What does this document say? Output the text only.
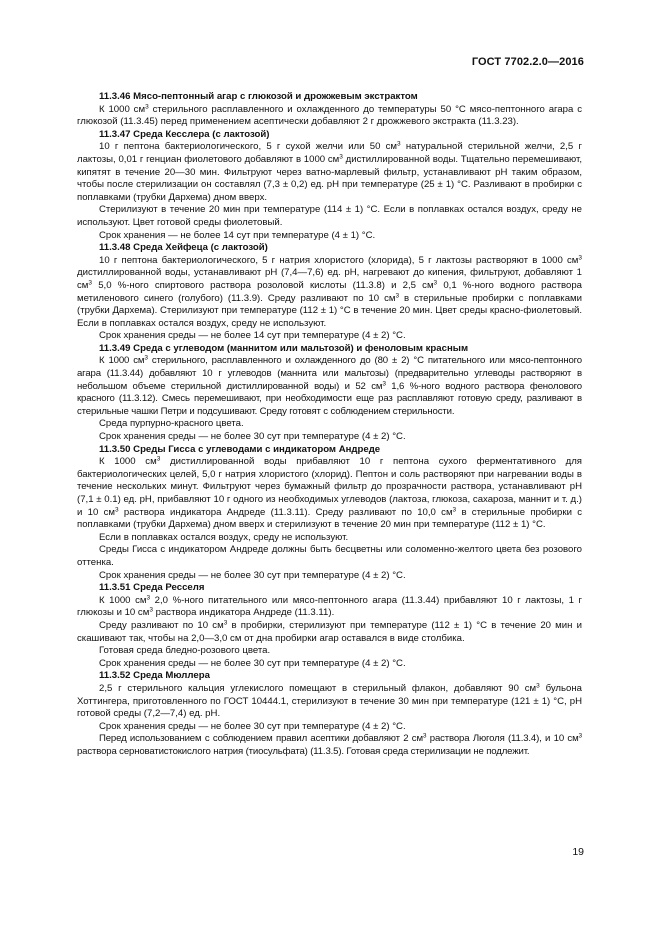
ГОСТ 7702.2.0—2016

11.3.46 Мясо-пептонный агар с глюкозой и дрожжевым экстрактом

К 1000 $см^3$ стерильного расплавленного и охлажденного до температуры 50 °С мясо-пептонного агара с глюкозой (11.3.45) перед применением асептически добавляют 2 г дрожжевого экстракта (11.3.23).

11.3.47 Среда Кесслера (с лактозой)

10 г пептона бактериологического, 5 г сухой желчи или 50 $см^3$ натуральной стерильной желчи, 2,5 г лактозы, 0,01 г генциан фиолетового добавляют в 1000 $см^3$ дистиллированной воды. Тщательно перемешивают, кипятят в течение 20—30 мин. Фильтруют через ватно-марлевый фильтр, устанавливают рН таким образом, чтобы после стерилизации он составлял (7,3 ± 0,2) ед. рН при температуре (25 ± 1) °С. Разливают в пробирки с поплавками (трубки Дархема) дном вверх.

Стерилизуют в течение 20 мин при температуре (114 ± 1) °С. Если в поплавках остался воздух, среду не используют. Цвет готовой среды фиолетовый.

Срок хранения — не более 14 сут при температуре (4 ± 1) °С.

11.3.48 Среда Хейфеца (с лактозой)

10 г пептона бактериологического, 5 г натрия хлористого (хлорида), 5 г лактозы растворяют в 1000 $см^3$ дистиллированной воды, устанавливают рН (7,4—7,6) ед. рН, нагревают до кипения, фильтруют, добавляют 1 $см^3$ 5,0 %-ного спиртового раствора розоловой кислоты (11.3.8) и 2,5 $см^3$ 0,1 %-ного водного раствора метиленового синего (голубого) (11.3.9). Среду разливают по 10 $см^3$ в стерильные пробирки с поплавками (трубки Дархема). Стерилизуют при температуре (112 ± 1) °С в течение 20 мин. Цвет среды красно-фиолетовый. Если в поплавках остался воздух, среду не используют.

Срок хранения среды — не более 14 сут при температуре (4 ± 2) °С.

11.3.49 Среда с углеводом (маннитом или мальтозой) и феноловым красным

К 1000 $см^3$ стерильного, расплавленного и охлажденного до (80 ± 2) °С питательного или мясо-пептонного агара (11.3.44) добавляют 10 г углеводов (маннита или мальтозы) (предварительно углеводы растворяют в небольшом объеме стерильной дистиллированной воды) и 52 $см^3$ 1,6 %-ного водного раствора фенолового красного (11.3.12). Смесь перемешивают, при необходимости еще раз расплавляют готовую среду, разливают в стерильные чашки Петри и подсушивают. Среду готовят с соблюдением стерильности.

Среда пурпурно-красного цвета.

Срок хранения среды — не более 30 сут при температуре (4 ± 2) °С.

11.3.50 Среды Гисса с углеводами с индикатором Андреде

К 1000 $см^3$ дистиллированной воды прибавляют 10 г пептона сухого ферментативного для бактериологических целей, 5,0 г натрия хлористого (хлорид). Пептон и соль растворяют при нагревании воды в течение нескольких минут. Фильтруют через бумажный фильтр до прозрачности раствора, устанавливают рН (7,1 ± 0.1) ед. рН, прибавляют 10 г одного из необходимых углеводов (лактоза, глюкоза, сахароза, маннит и т. д.) и 10 $см^3$ раствора индикатора Андреде (11.3.11). Среду разливают по 10,0 $см^3$ в стерильные пробирки с поплавками (трубки Дархема) дном вверх и стерилизуют в течение 20 мин при температуре (112 ± 1) °С.

Если в поплавках остался воздух, среду не используют.

Среды Гисса с индикатором Андреде должны быть бесцветны или соломенно-желтого цвета без розового оттенка.

Срок хранения среды — не более 30 сут при температуре (4 ± 2) °С.

11.3.51 Среда Ресселя

К 1000 $см^3$ 2,0 %-ного питательного или мясо-пептонного агара (11.3.44) прибавляют 10 г лактозы, 1 г глюкозы и 10 $см^3$ раствора индикатора Андреде (11.3.11).

Среду разливают по 10 $см^3$ в пробирки, стерилизуют при температуре (112 ± 1) °С в течение 20 мин и скашивают так, чтобы на 2,0—3,0 см от дна пробирки агар оставался в виде столбика.

Готовая среда бледно-розового цвета.

Срок хранения среды — не более 30 сут при температуре (4 ± 2) °С.

11.3.52 Среда Мюллера

2,5 г стерильного кальция углекислого помещают в стерильный флакон, добавляют 90 $см^3$ бульона Хоттингера, приготовленного по ГОСТ 10444.1, стерилизуют в течение 30 мин при температуре (121 ± 1) °С, рН готовой среды (7,2—7,4) ед. рН.

Срок хранения среды — не более 30 сут при температуре (4 ± 2) °С.

Перед использованием с соблюдением правил асептики добавляют 2 $см^3$ раствора Люголя (11.3.4), и 10 $см^3$ раствора серноватистокислого натрия (тиосульфата) (11.3.5). Готовая среда стерилизации не подлежит.

19
